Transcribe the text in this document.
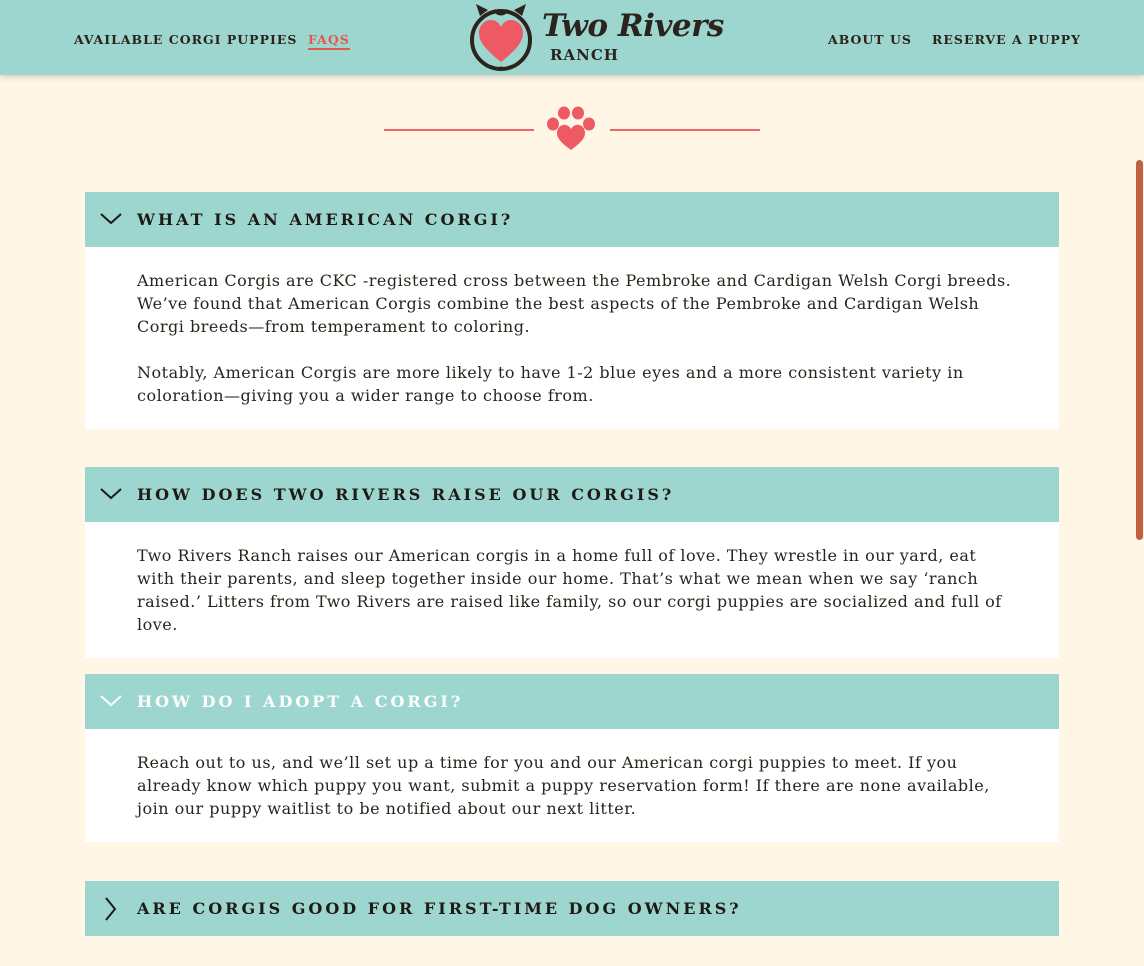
AVAILABLE CORGI PUPPIES FAQS	Two Rivers
RANCH
ABOUT US RESERVE A PUPPY
WHAT IS AN AMERICAN CORGI?

American Corgis are CKC -registered cross between the Pembroke and Cardigan Welsh Corgi breeds. We’ve found that American Corgis combine the best aspects of the Pembroke and Cardigan Welsh Corgi breeds—from temperament to coloring.

Notably, American Corgis are more likely to have 1-2 blue eyes and a more consistent variety in coloration—giving you a wider range to choose from.

HOW DOES TWO RIVERS RAISE OUR CORGIS?

Two Rivers Ranch raises our American corgis in a home full of love. They wrestle in our yard, eat with their parents, and sleep together inside our home. That’s what we mean when we say ‘ranch raised.’ Litters from Two Rivers are raised like family, so our corgi puppies are socialized and full of love.

HOW DO I ADOPT A CORGI?

Reach out to us, and we’ll set up a time for you and our American corgi puppies to meet. If you already know which puppy you want, submit a puppy reservation form! If there are none available, join our puppy waitlist to be notified about our next litter.

ARE CORGIS GOOD FOR FIRST-TIME DOG OWNERS?
